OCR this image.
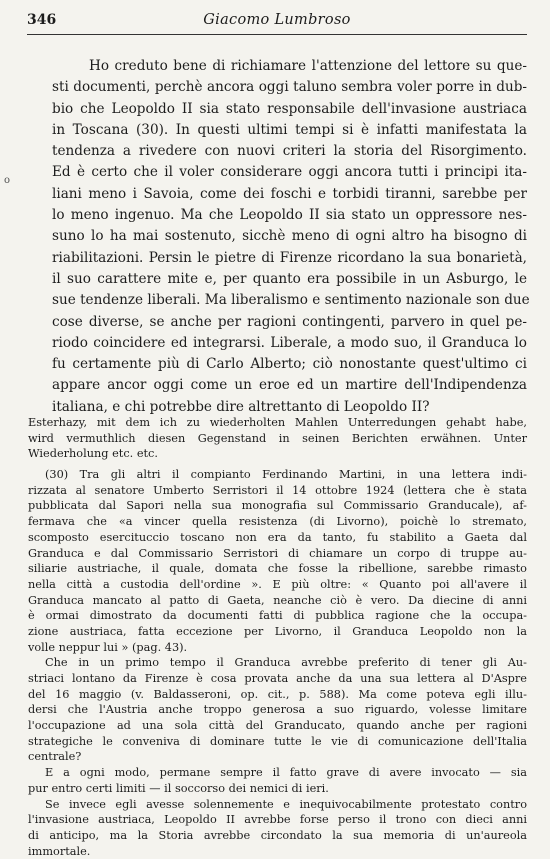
346	Giacomo Lumbroso
o
Ho creduto bene di richiamare l'attenzione del lettore su que-
sti documenti, perchè ancora oggi taluno sembra voler porre in dub-
bio che Leopoldo II sia stato responsabile dell'invasione austriaca
in Toscana (30). In questi ultimi tempi si è infatti manifestata la
tendenza a rivedere con nuovi criteri la storia del Risorgimento.
Ed è certo che il voler considerare oggi ancora tutti i principi ita-
liani meno i Savoia, come dei foschi e torbidi tiranni, sarebbe per
lo meno ingenuo. Ma che Leopoldo II sia stato un oppressore nes-
suno lo ha mai sostenuto, sicchè meno di ogni altro ha bisogno di
riabilitazioni. Persin le pietre di Firenze ricordano la sua bonarietà,
il suo carattere mite e, per quanto era possibile in un Asburgo, le
sue tendenze liberali. Ma liberalismo e sentimento nazionale son due
cose diverse, se anche per ragioni contingenti, parvero in quel pe-
riodo coincidere ed integrarsi. Liberale, a modo suo, il Granduca lo
fu certamente più di Carlo Alberto; ciò nonostante quest'ultimo ci
appare ancor oggi come un eroe ed un martire dell'Indipendenza
italiana, e chi potrebbe dire altrettanto di Leopoldo II?
Esterhazy, mit dem ich zu wiederholten Mahlen Unterredungen gehabt habe,
wird vermuthlich diesen Gegenstand in seinen Berichten erwähnen. Unter
Wiederholung etc. etc.
(30) Tra gli altri il compianto Ferdinando Martini, in una lettera indi-
rizzata al senatore Umberto Serristori il 14 ottobre 1924 (lettera che è stata
pubblicata dal Sapori nella sua monografia sul Commissario Granducale), af-
fermava che «a vincer quella resistenza (di Livorno), poichè lo stremato,
scomposto esercituccio toscano non era da tanto, fu stabilito a Gaeta dal
Granduca e dal Commissario Serristori di chiamare un corpo di truppe au-
siliarie austriache, il quale, domata che fosse la ribellione, sarebbe rimasto
nella città a custodia dell'ordine ». E più oltre: « Quanto poi all'avere il
Granduca mancato al patto di Gaeta, neanche ciò è vero. Da diecine di anni
è ormai dimostrato da documenti fatti di pubblica ragione che la occupa-
zione austriaca, fatta eccezione per Livorno, il Granduca Leopoldo non la
volle neppur lui » (pag. 43).
Che in un primo tempo il Granduca avrebbe preferito di tener gli Au-
striaci lontano da Firenze è cosa provata anche da una sua lettera al D'Aspre
del 16 maggio (v. Baldasseroni, op. cit., p. 588). Ma come poteva egli illu-
dersi che l'Austria anche troppo generosa a suo riguardo, volesse limitare
l'occupazione ad una sola città del Granducato, quando anche per ragioni
strategiche le conveniva di dominare tutte le vie di comunicazione dell'Italia
centrale?
E a ogni modo, permane sempre il fatto grave di avere invocato — sia
pur entro certi limiti — il soccorso dei nemici di ieri.
Se invece egli avesse solennemente e inequivocabilmente protestato contro
l'invasione austriaca, Leopoldo II avrebbe forse perso il trono con dieci anni
di anticipo, ma la Storia avrebbe circondato la sua memoria di un'aureola
immortale.
